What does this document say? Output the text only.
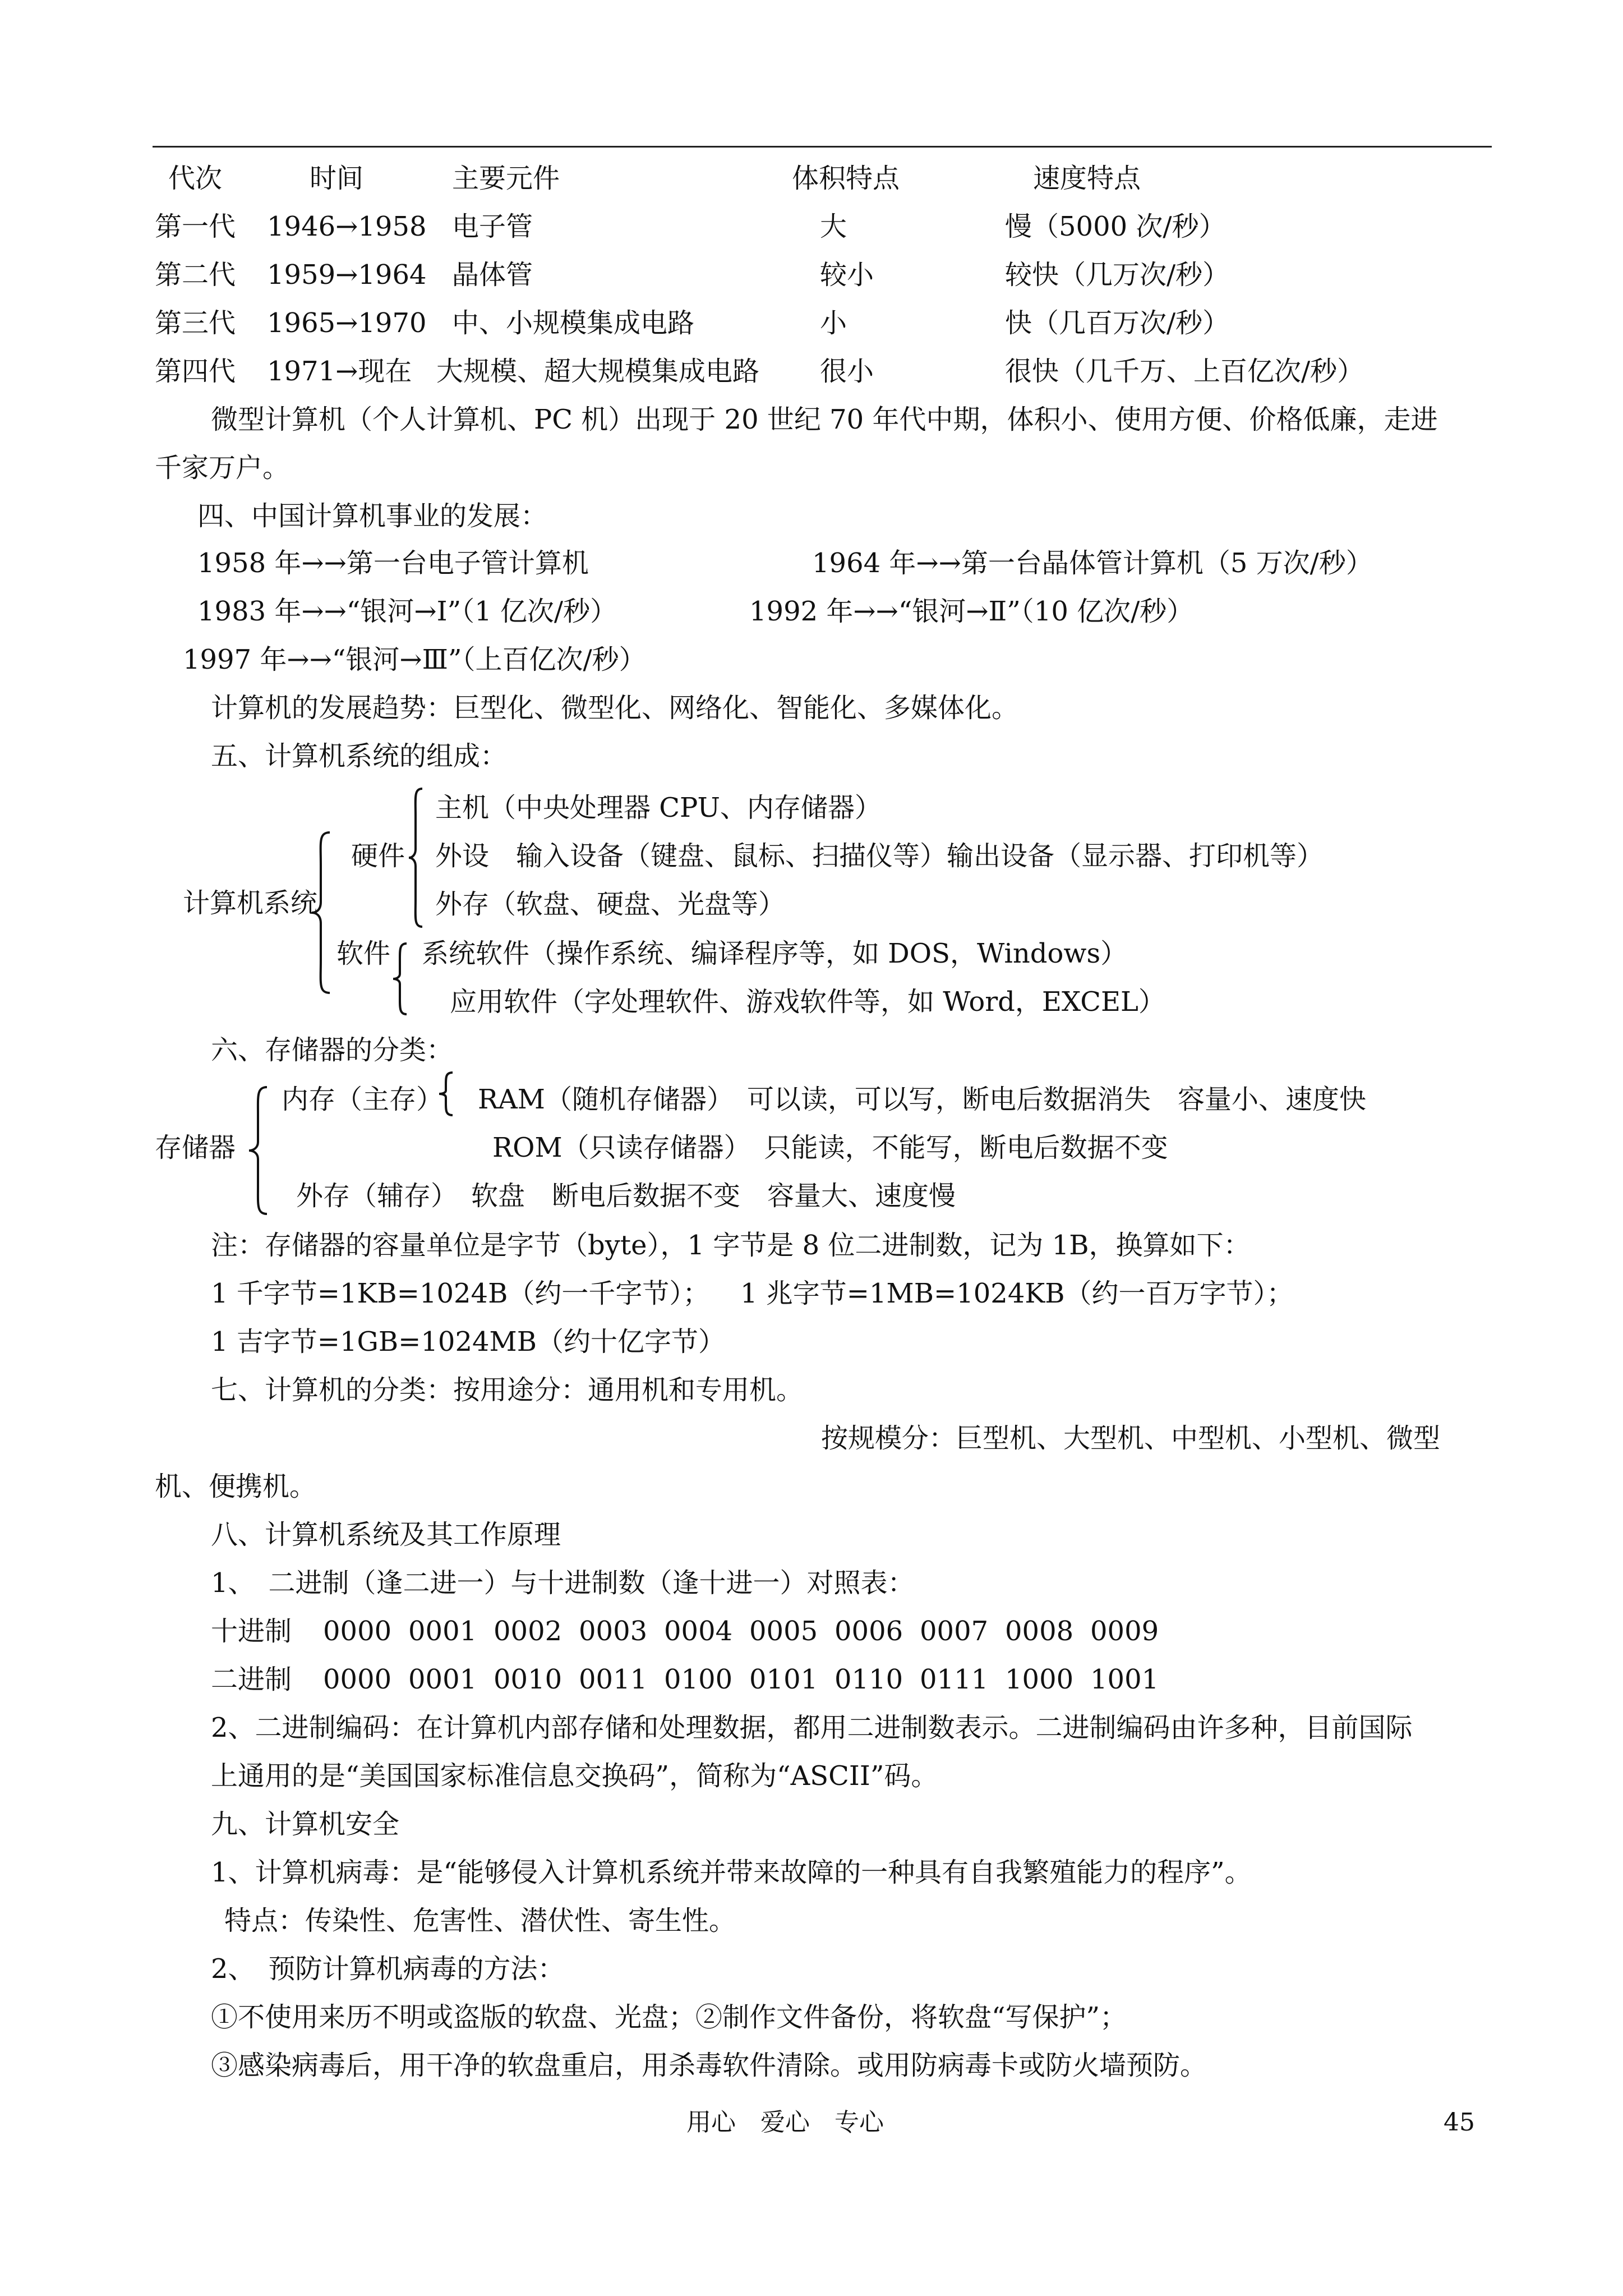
代次	时间	主要元件	体积特点	速度特点
第一代 1946→1958 电子管	大	慢（5000 次/秒）
第二代 1959→1964 晶体管	较小	较快（几万次/秒）
第三代 1965→1970 中、小规模集成电路	小	快（几百万次/秒）
第四代 1971→现在 大规模、超大规模集成电路 很小	很快（几千万、上百亿次/秒）
微型计算机（个人计算机、PC 机）出现于 20 世纪 70 年代中期，体积小、使用方便、价格低廉，走进
千家万户。
四、中国计算机事业的发展：
1958 年→→第一台电子管计算机	1964 年→→第一台晶体管计算机（5 万次/秒）
1983 年→→“银河→Ⅰ”（1 亿次/秒）	1992 年→→“银河→Ⅱ”（10 亿次/秒）
1997 年→→“银河→Ⅲ”（上百亿次/秒）
计算机的发展趋势：巨型化、微型化、网络化、智能化、多媒体化。
五、计算机系统的组成：
计算机系统
硬件
主机（中央处理器 CPU、内存储器）
外设　输入设备（键盘、鼠标、扫描仪等）输出设备（显示器、打印机等）
外存（软盘、硬盘、光盘等）
软件 系统软件（操作系统、编译程序等，如 DOS，Windows）
应用软件（字处理软件、游戏软件等，如 Word，EXCEL）
六、存储器的分类：
存储器
内存（主存） RAM（随机存储器）　可以读，可以写，断电后数据消失　容量小、速度快
ROM（只读存储器）　只能读，不能写，断电后数据不变
外存（辅存）　软盘　断电后数据不变　容量大、速度慢
注：存储器的容量单位是字节（byte），1 字节是 8 位二进制数，记为 1B，换算如下：
1 千字节=1KB=1024B（约一千字节）； 1 兆字节=1MB=1024KB（约一百万字节）；
1 吉字节=1GB=1024MB（约十亿字节）
七、计算机的分类：按用途分：通用机和专用机。
按规模分：巨型机、大型机、中型机、小型机、微型
机、便携机。
八、计算机系统及其工作原理
1、　二进制（逢二进一）与十进制数（逢十进一）对照表：
十进制 0000 0001 0002 0003 0004 0005 0006 0007 0008 0009
二进制 0000 0001 0010 0011 0100 0101 0110 0111 1000 1001
2、二进制编码：在计算机内部存储和处理数据，都用二进制数表示。二进制编码由许多种，目前国际
上通用的是“美国国家标准信息交换码”，简称为“ASCII”码。
九、计算机安全
1、计算机病毒：是“能够侵入计算机系统并带来故障的一种具有自我繁殖能力的程序”。
特点：传染性、危害性、潜伏性、寄生性。
2、　预防计算机病毒的方法：
①不使用来历不明或盗版的软盘、光盘；②制作文件备份，将软盘“写保护”；
③感染病毒后，用干净的软盘重启，用杀毒软件清除。或用防病毒卡或防火墙预防。
用心　爱心　专心	45
